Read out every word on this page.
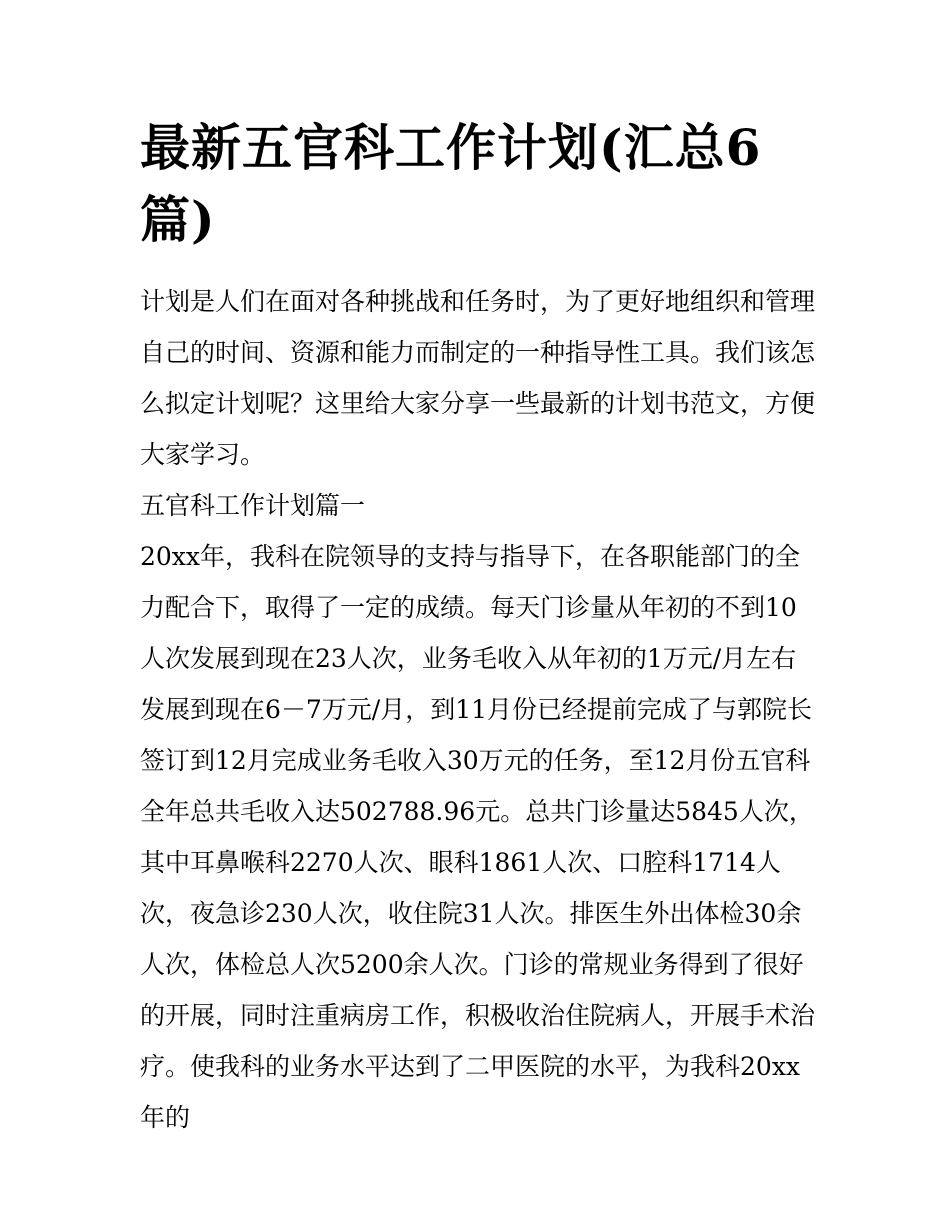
最新五官科工作计划(汇总6篇)

计划是人们在面对各种挑战和任务时，为了更好地组织和管理自己的时间、资源和能力而制定的一种指导性工具。我们该怎么拟定计划呢？这里给大家分享一些最新的计划书范文，方便大家学习。

五官科工作计划篇一

20xx年，我科在院领导的支持与指导下，在各职能部门的全力配合下，取得了一定的成绩。每天门诊量从年初的不到10人次发展到现在23人次，业务毛收入从年初的1万元/月左右发展到现在6－7万元/月，到11月份已经提前完成了与郭院长签订到12月完成业务毛收入30万元的任务，至12月份五官科全年总共毛收入达502788.96元。总共门诊量达5845人次，其中耳鼻喉科2270人次、眼科1861人次、口腔科1714人次，夜急诊230人次，收住院31人次。排医生外出体检30余人次，体检总人次5200余人次。门诊的常规业务得到了很好的开展，同时注重病房工作，积极收治住院病人，开展手术治疗。使我科的业务水平达到了二甲医院的水平，为我科20xx年的
